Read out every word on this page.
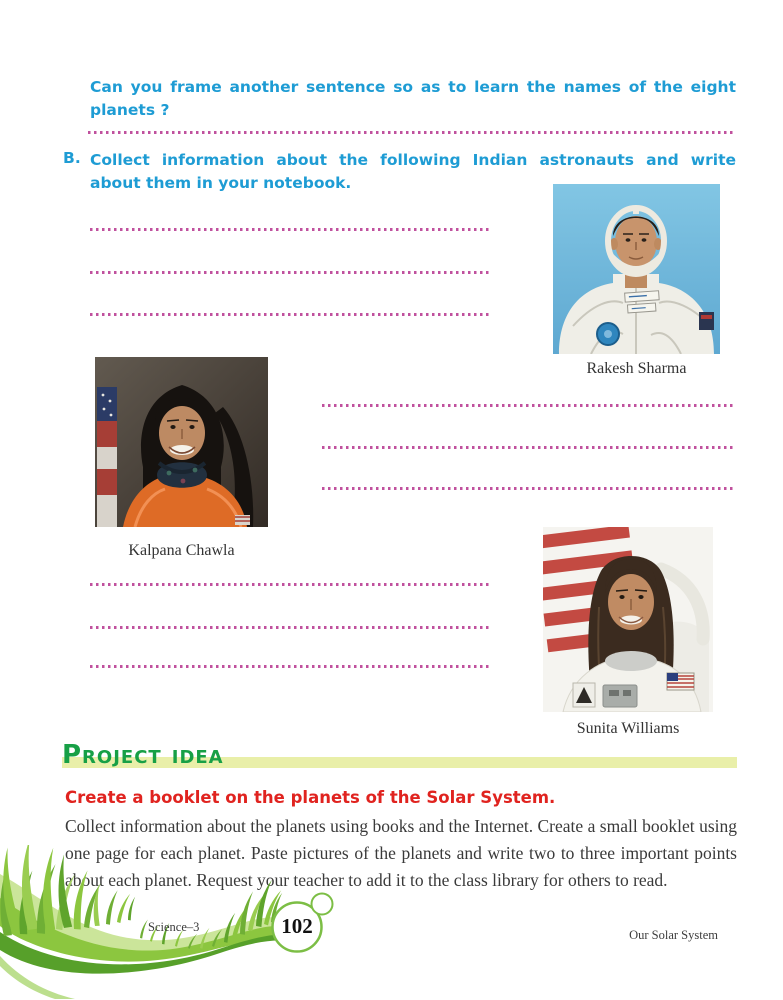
Can you frame another sentence so as to learn the names of the eight planets ?
B. Collect information about the following Indian astronauts and write about them in your notebook.
Rakesh Sharma
Kalpana Chawla
Sunita Williams
Project idea
Create a booklet on the planets of the Solar System.
Collect information about the planets using books and the Internet. Create a small booklet using one page for each planet. Paste pictures of the planets and write two to three important points about each planet. Request your teacher to add it to the class library for others to read.
Science–3	102	Our Solar System
